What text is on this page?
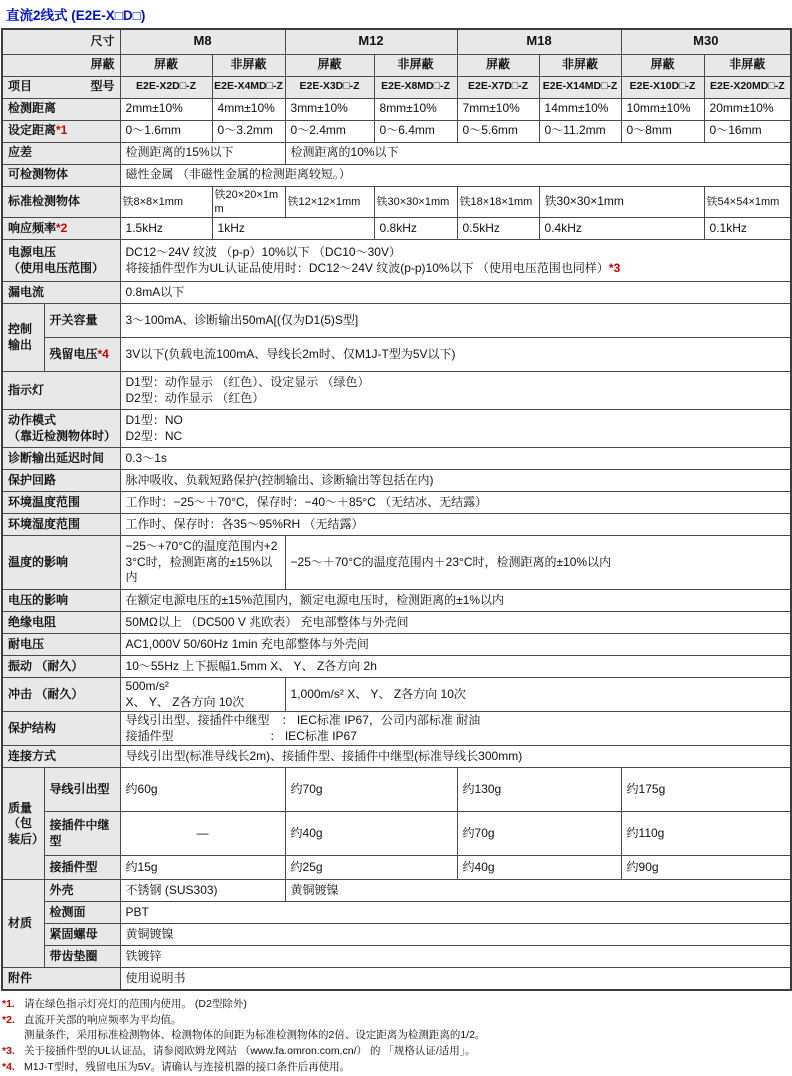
直流2线式 (E2E-X□D□)
尺寸		M8		M12		M18		M30	
屏蔽		屏蔽	非屏蔽	屏蔽	非屏蔽	屏蔽	非屏蔽	屏蔽	非屏蔽

项目 型号		E2E-X2D□-Z	E2E-X4MD□-Z	E2E-X3D□-Z	E2E-X8MD□-Z	E2E-X7D□-Z	E2E-X14MD□-Z	E2E-X10D□-Z	E2E-X20MD□-Z
检测距离		2mm±10%	4mm±10%	3mm±10%	8mm±10%	7mm±10%	14mm±10%	10mm±10%	20mm±10%
设定距离*1		0～1.6mm	0～3.2mm	0～2.4mm	0～6.4mm	0～5.6mm	0～11.2mm	0～8mm	0～16mm
应差		检测距离的15%以下		检测距离的10%以下					
可检测物体		磁性金属 （非磁性金属的检测距离较短。）							
标准检测物体		铁8×8×1mm	铁20×20×1mm	铁12×12×1mm	铁30×30×1mm	铁18×18×1mm	铁30×30×1mm		铁54×54×1mm
响应频率*2		1.5kHz	1kHz		0.8kHz	0.5kHz	0.4kHz		0.1kHz

电源电压
（使用电压范围）

DC12～24V 纹波 （p-p）10%以下 （DC10～30V）
将接插件型作为UL认证品使用时：DC12～24V 纹波(p-p)10%以下 （使用电压范围也同样）*3

漏电流		0.8mA以下							
控制输出	开关容量	3～100mA、诊断输出50mA[(仅为D1(5)S型]							
	残留电压*4	3V以下(负载电流100mA、导线长2m时、仅M1J-T型为5V以下)							
指示灯		D1型：动作显示 （红色）、设定显示 （绿色）
D2型：动作显示 （红色）							

动作模式
（靠近检测物体时）

D1型：NO
D2型：NC

诊断输出延迟时间		0.3～1s							
保护回路		脉冲吸收、负载短路保护(控制输出、诊断输出等包括在内)							
环境温度范围		工作时：−25～＋70°C，保存时：−40～＋85°C （无结冰、无结露）							
环境湿度范围		工作时、保存时：各35～95%RH （无结露）							
温度的影响		−25～+70°C的温度范围内+23°C时，检测距离的±15%以内		−25～＋70°C的温度范围内＋23°C时，检测距离的±10%以内					
电压的影响		在额定电源电压的±15%范围内，额定电源电压时，检测距离的±1%以内							
绝缘电阻		50MΩ以上 （DC500 V 兆欧表） 充电部整体与外壳间							
耐电压		AC1,000V 50/60Hz 1min 充电部整体与外壳间							
振动 （耐久）		10～55Hz 上下振幅1.5mm X、 Y、 Z各方向 2h							
冲击 （耐久）		500m/s²
X、 Y、 Z各方向 10次		1,000m/s² X、 Y、 Z各方向 10次					
保护结构		导线引出型、接插件中继型　： IEC标准 IP67，公司内部标准 耐油
接插件型　　　　　　　　： IEC标准 IP67							

连接方式		导线引出型(标准导线长2m)、接插件型、接插件中继型(标准导线长300mm)							
质量（包装后）	导线引出型	约60g		约70g		约130g		约175g	
	接插件中继型	—		约40g		约70g		约110g	
	接插件型	约15g		约25g		约40g		约90g	
材质	外壳	不锈钢 (SUS303)		黄铜镀镍					
	检测面	PBT							
	紧固螺母	黄铜镀镍							
	带齿垫圈	铁镀锌							
附件		使用说明书							
*1. 请在绿色指示灯亮灯的范围内使用。 (D2型除外)
*2. 直流开关部的响应频率为平均值。
测量条件，采用标准检测物体、检测物体的间距为标准检测物体的2倍、设定距离为检测距离的1/2。
*3. 关于接插件型的UL认证品，请参阅欧姆龙网站 （www.fa.omron.com.cn/） 的 「规格认证/适用」。
*4. M1J-T型时，残留电压为5V。请确认与连接机器的接口条件后再使用。
